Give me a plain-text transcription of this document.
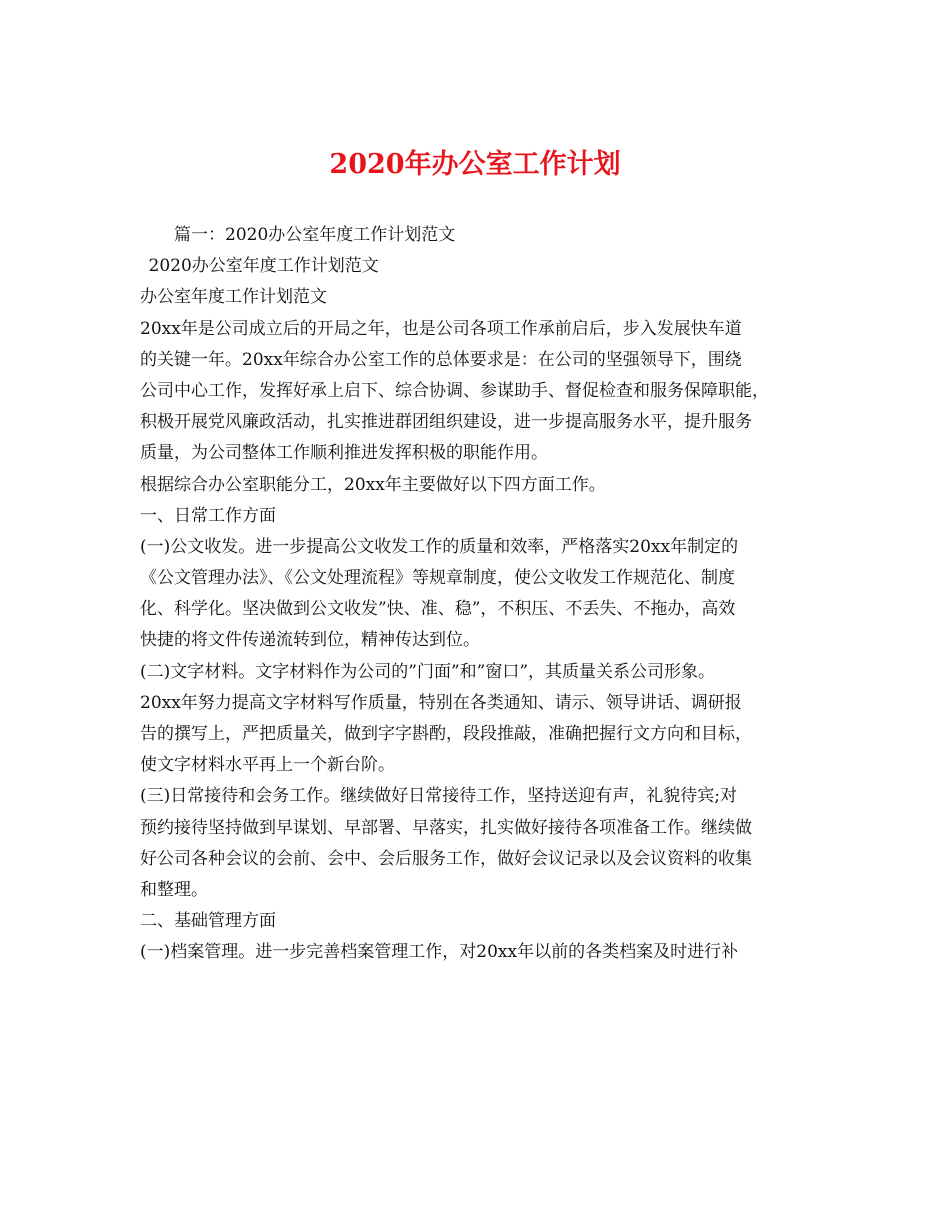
2020年办公室工作计划
篇一：2020办公室年度工作计划范文
2020办公室年度工作计划范文
办公室年度工作计划范文
20xx年是公司成立后的开局之年，也是公司各项工作承前启后，步入发展快车道
的关键一年。20xx年综合办公室工作的总体要求是：在公司的坚强领导下，围绕
公司中心工作，发挥好承上启下、综合协调、参谋助手、督促检查和服务保障职能，
积极开展党风廉政活动，扎实推进群团组织建设，进一步提高服务水平，提升服务
质量，为公司整体工作顺利推进发挥积极的职能作用。
根据综合办公室职能分工，20xx年主要做好以下四方面工作。
一、日常工作方面
(一)公文收发。进一步提高公文收发工作的质量和效率，严格落实20xx年制定的
《公文管理办法》、《公文处理流程》等规章制度，使公文收发工作规范化、制度
化、科学化。坚决做到公文收发”快、准、稳”，不积压、不丢失、不拖办，高效
快捷的将文件传递流转到位，精神传达到位。
(二)文字材料。文字材料作为公司的”门面”和”窗口”，其质量关系公司形象。
20xx年努力提高文字材料写作质量，特别在各类通知、请示、领导讲话、调研报
告的撰写上，严把质量关，做到字字斟酌，段段推敲，准确把握行文方向和目标，
使文字材料水平再上一个新台阶。
(三)日常接待和会务工作。继续做好日常接待工作，坚持送迎有声，礼貌待宾;对
预约接待坚持做到早谋划、早部署、早落实，扎实做好接待各项准备工作。继续做
好公司各种会议的会前、会中、会后服务工作，做好会议记录以及会议资料的收集
和整理。
二、基础管理方面
(一)档案管理。进一步完善档案管理工作，对20xx年以前的各类档案及时进行补
